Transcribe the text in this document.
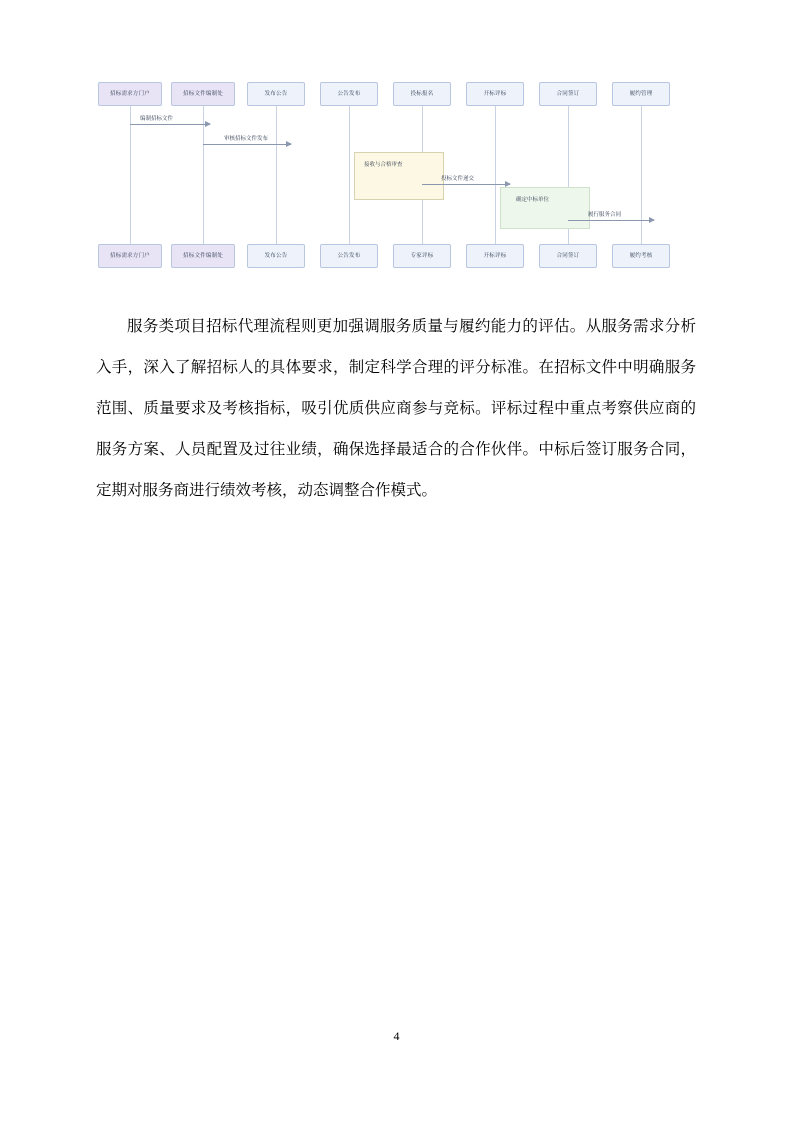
招标需求方门户	招标文件编制处	发布公告	公告发布	投标报名	开标评标	合同签订	履约管理
招标需求方门户	招标文件编制处	发布公告	公告发布	专家评标	开标评标	合同签订	履约考核
编制招标文件
审核招标文件发布
接收与合格审查
投标文件递交
确定中标单位
履行服务合同

服务类项目招标代理流程则更加强调服务质量与履约能力的评估。从服务需求分析入手，深入了解招标人的具体要求，制定科学合理的评分标准。在招标文件中明确服务范围、质量要求及考核指标，吸引优质供应商参与竞标。评标过程中重点考察供应商的服务方案、人员配置及过往业绩，确保选择最适合的合作伙伴。中标后签订服务合同，定期对服务商进行绩效考核，动态调整合作模式。

4
